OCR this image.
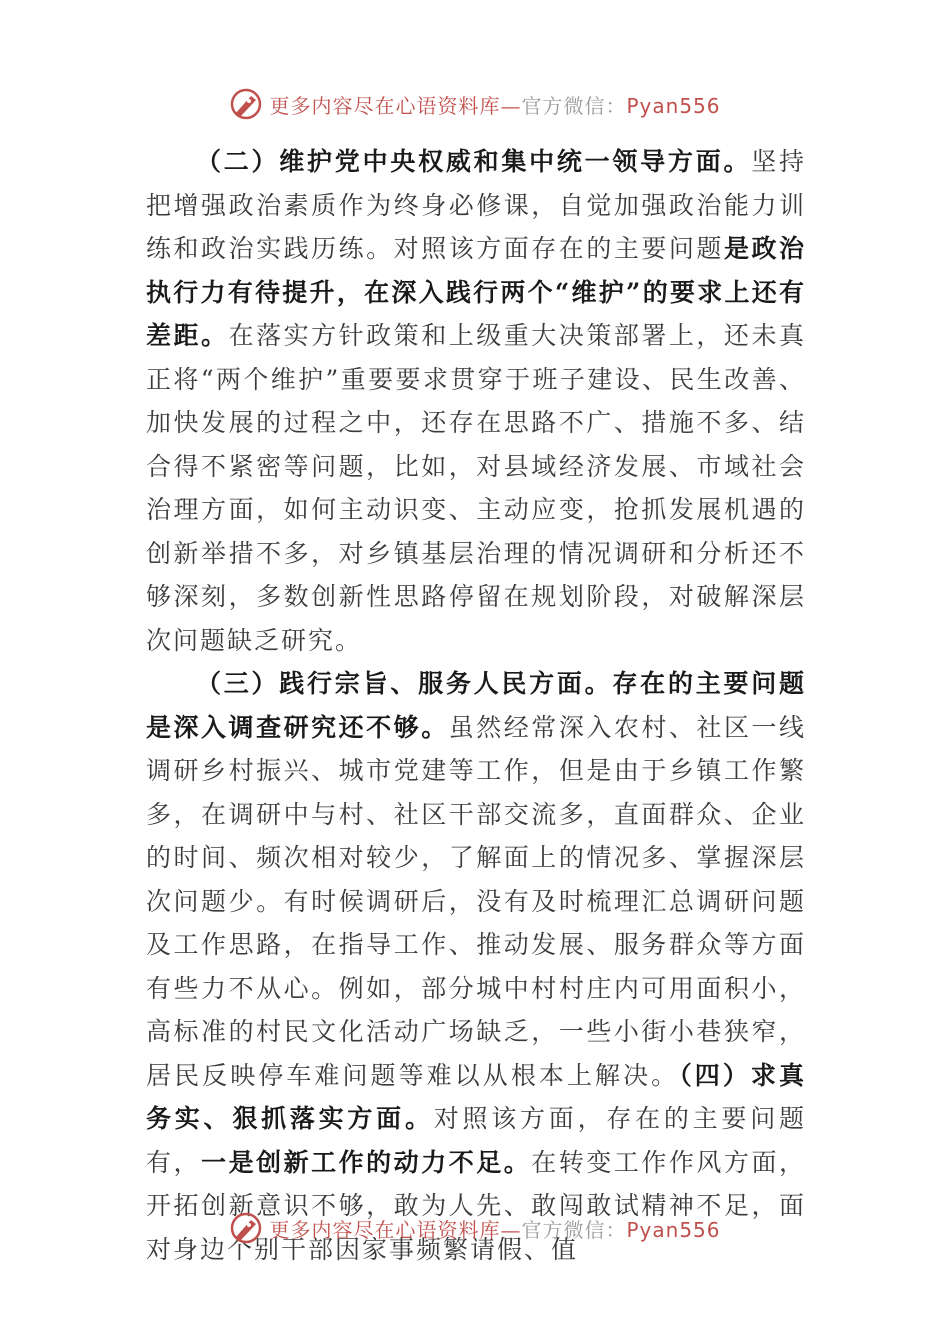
更多内容尽在心语资料库—官方微信：Pyan556

（二）维护党中央权威和集中统一领导方面。坚持把增强政治素质作为终身必修课，自觉加强政治能力训练和政治实践历练。对照该方面存在的主要问题是政治执行力有待提升，在深入践行两个“维护”的要求上还有差距。在落实方针政策和上级重大决策部署上，还未真正将“两个维护”重要要求贯穿于班子建设、民生改善、加快发展的过程之中，还存在思路不广、措施不多、结合得不紧密等问题，比如，对县域经济发展、市域社会治理方面，如何主动识变、主动应变，抢抓发展机遇的创新举措不多，对乡镇基层治理的情况调研和分析还不够深刻，多数创新性思路停留在规划阶段，对破解深层次问题缺乏研究。

（三）践行宗旨、服务人民方面。存在的主要问题是深入调查研究还不够。虽然经常深入农村、社区一线调研乡村振兴、城市党建等工作，但是由于乡镇工作繁多，在调研中与村、社区干部交流多，直面群众、企业的时间、频次相对较少，了解面上的情况多、掌握深层次问题少。有时候调研后，没有及时梳理汇总调研问题及工作思路，在指导工作、推动发展、服务群众等方面有些力不从心。例如，部分城中村村庄内可用面积小，高标准的村民文化活动广场缺乏，一些小街小巷狭窄，居民反映停车难问题等难以从根本上解决。（四）求真务实、狠抓落实方面。对照该方面，存在的主要问题有，一是创新工作的动力不足。在转变工作作风方面，开拓创新意识不够，敢为人先、敢闯敢试精神不足，面对身边个别干部因家事频繁请假、值

更多内容尽在心语资料库—官方微信：Pyan556
